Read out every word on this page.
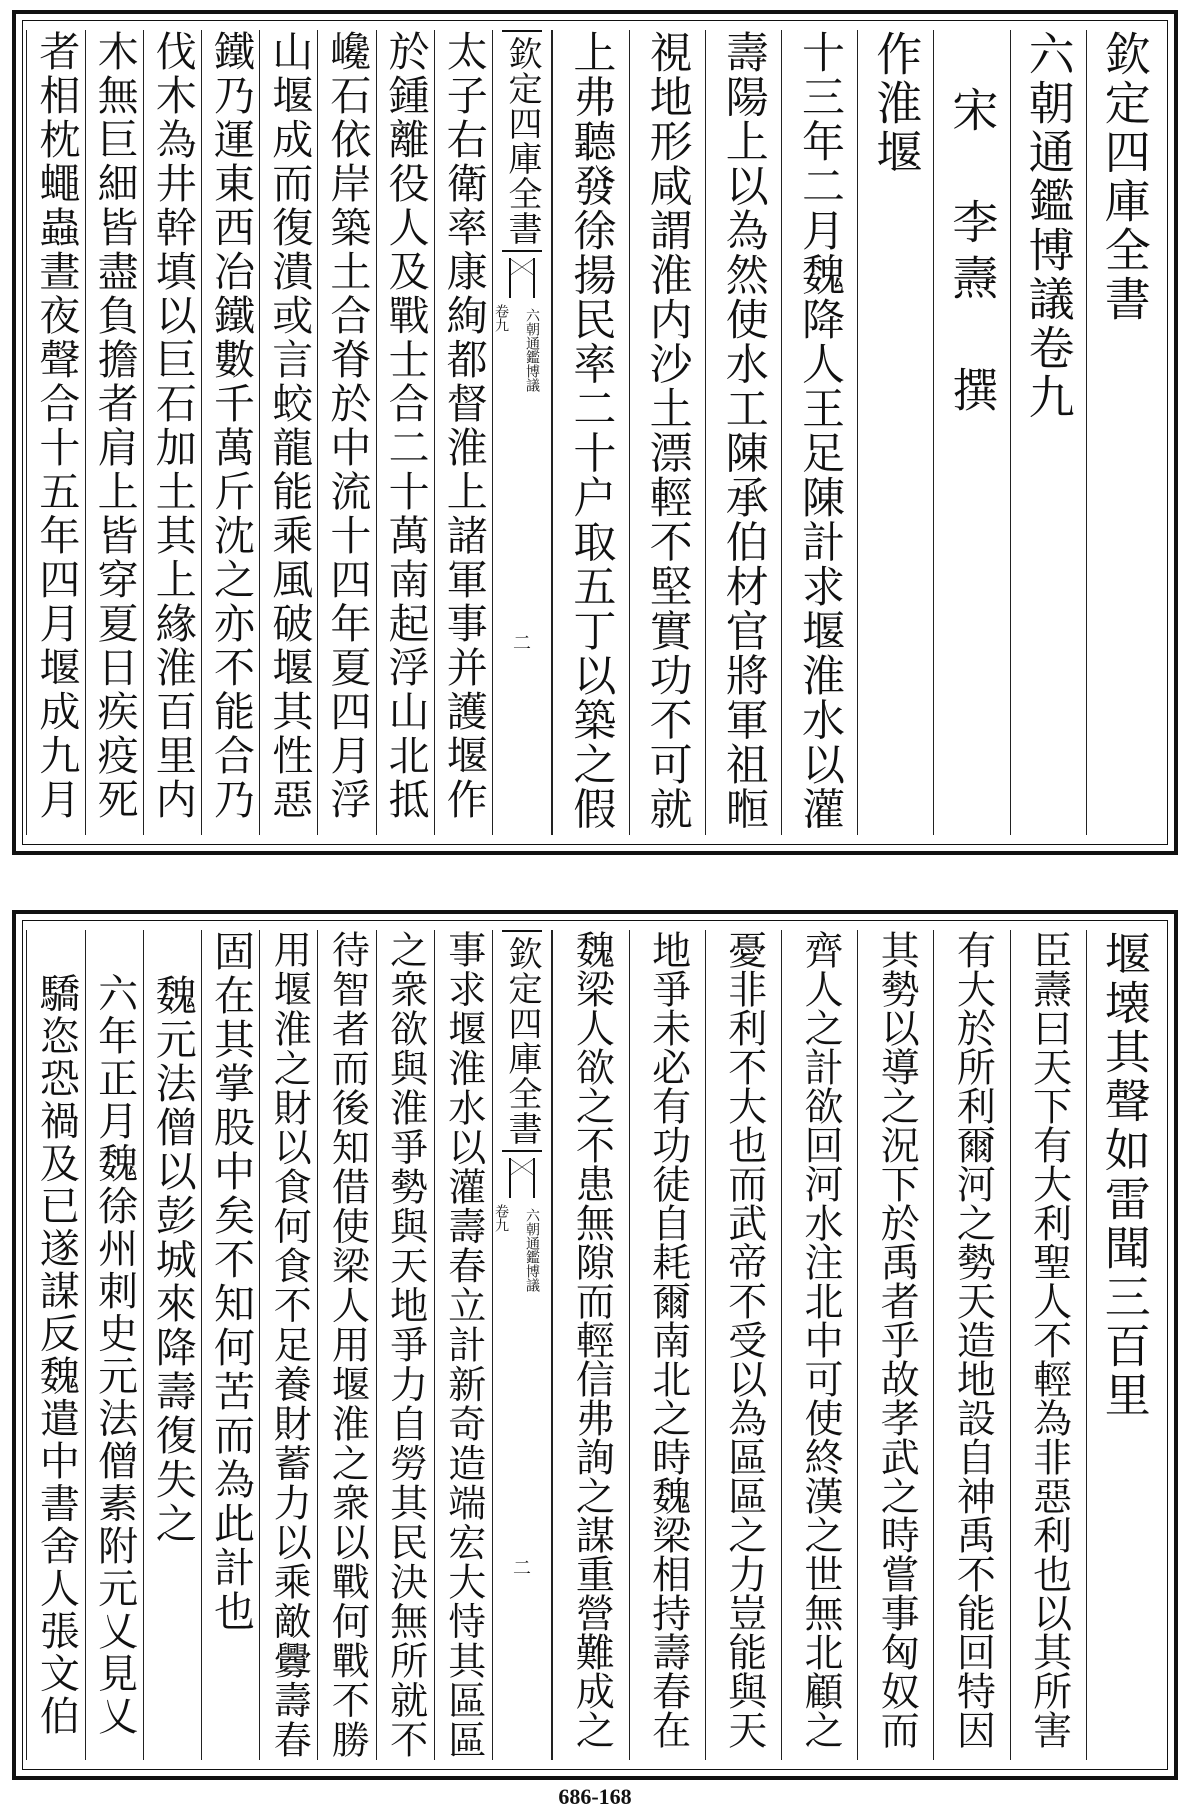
欽定四庫全書
六朝通鑑博議
卷九
二
欽定四庫全書
六朝通鑑博議卷九
　宋　李燾　撰
作淮堰
十三年二月魏降人王足陳計求堰淮水以灌
壽陽上以為然使水工陳承伯材官將軍祖暅
視地形咸謂淮内沙土漂輕不堅實功不可就
上弗聽發徐揚民率二十户取五丁以築之假
太子右衛率康絢都督淮上諸軍事并護堰作
於鍾離役人及戰士合二十萬南起浮山北抵
巉石依岸築土合脊於中流十四年夏四月浮
山堰成而復潰或言蛟龍能乘風破堰其性惡
鐵乃運東西冶鐵數千萬斤沈之亦不能合乃
伐木為井幹填以巨石加土其上緣淮百里内
木無巨細皆盡負擔者肩上皆穿夏日疾疫死
者相枕蠅蟲晝夜聲合十五年四月堰成九月
欽定四庫全書
六朝通鑑博議
卷九
二
堰壊其聲如雷聞三百里
臣燾曰天下有大利聖人不輕為非惡利也以其所害
有大於所利爾河之勢天造地設自神禹不能回特因
其勢以導之況下於禹者乎故孝武之時嘗事匈奴而
齊人之計欲回河水注北中可使終漢之世無北顧之
憂非利不大也而武帝不受以為區區之力豈能與天
地爭未必有功徒自耗爾南北之時魏梁相持壽春在
魏梁人欲之不患無隙而輕信弗詢之謀重營難成之
事求堰淮水以灌壽春立計新奇造端宏大恃其區區
之衆欲與淮爭勢與天地爭力自勞其民決無所就不
待智者而後知借使梁人用堰淮之衆以戰何戰不勝
用堰淮之財以食何食不足養財蓄力以乘敵釁壽春
固在其掌股中矣不知何苦而為此計也
　魏元法僧以彭城來降壽復失之
　六年正月魏徐州刺史元法僧素附元乂見乂
　驕恣恐禍及已遂謀反魏遣中書舍人張文伯
686-168
